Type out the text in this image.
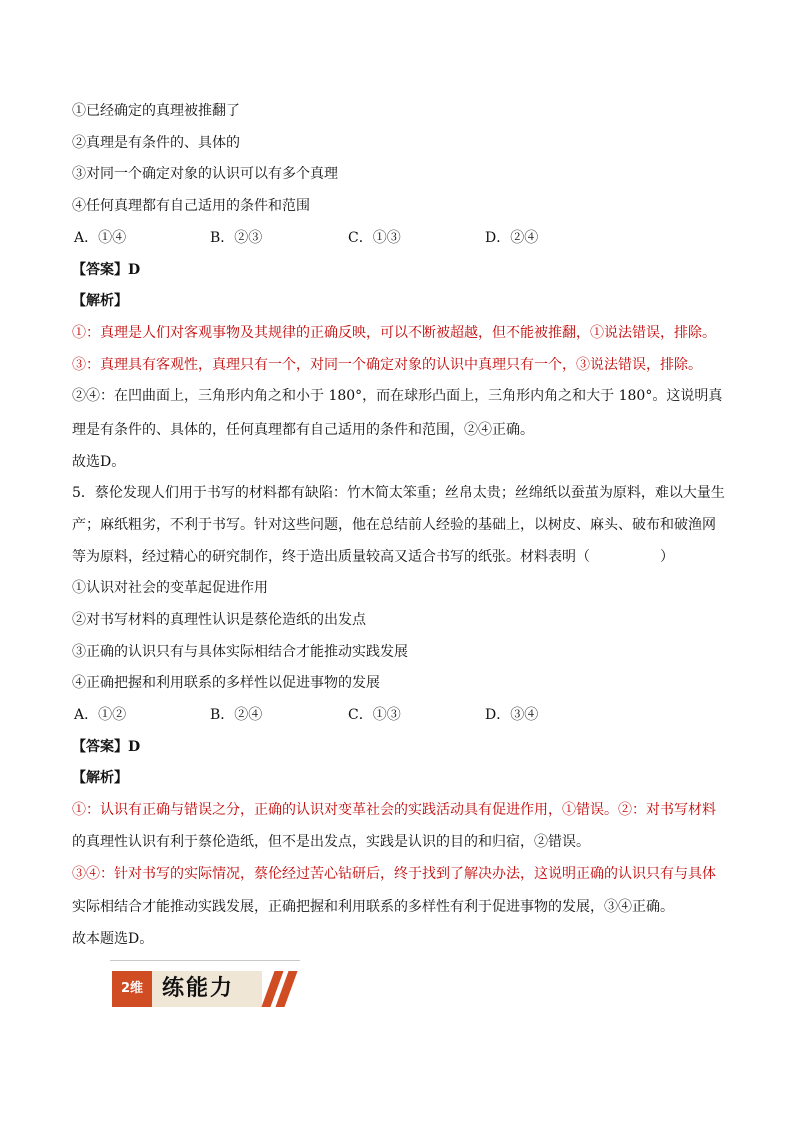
①已经确定的真理被推翻了
②真理是有条件的、具体的
③对同一个确定对象的认识可以有多个真理
④任何真理都有自己适用的条件和范围
A．①④	B．②③	C．①③	D．②④
【答案】D
【解析】
①：真理是人们对客观事物及其规律的正确反映，可以不断被超越，但不能被推翻，①说法错误，排除。
③：真理具有客观性，真理只有一个，对同一个确定对象的认识中真理只有一个，③说法错误，排除。
②④：在凹曲面上，三角形内角之和小于 180°，而在球形凸面上，三角形内角之和大于 180°。这说明真
理是有条件的、具体的，任何真理都有自己适用的条件和范围，②④正确。
故选D。
5．蔡伦发现人们用于书写的材料都有缺陷：竹木简太笨重；丝帛太贵；丝绵纸以蚕茧为原料，难以大量生
产；麻纸粗劣，不利于书写。针对这些问题，他在总结前人经验的基础上，以树皮、麻头、破布和破渔网
等为原料，经过精心的研究制作，终于造出质量较高又适合书写的纸张。材料表明（　　　　　）
①认识对社会的变革起促进作用
②对书写材料的真理性认识是蔡伦造纸的出发点
③正确的认识只有与具体实际相结合才能推动实践发展
④正确把握和利用联系的多样性以促进事物的发展
A．①②	B．②④	C．①③	D．③④
【答案】D
【解析】
①：认识有正确与错误之分，正确的认识对变革社会的实践活动具有促进作用，①错误。②：对书写材料
的真理性认识有利于蔡伦造纸，但不是出发点，实践是认识的目的和归宿，②错误。
③④：针对书写的实际情况，蔡伦经过苦心钻研后，终于找到了解决办法，这说明正确的认识只有与具体
实际相结合才能推动实践发展，正确把握和利用联系的多样性有利于促进事物的发展，③④正确。
故本题选D。
2维 练能力
